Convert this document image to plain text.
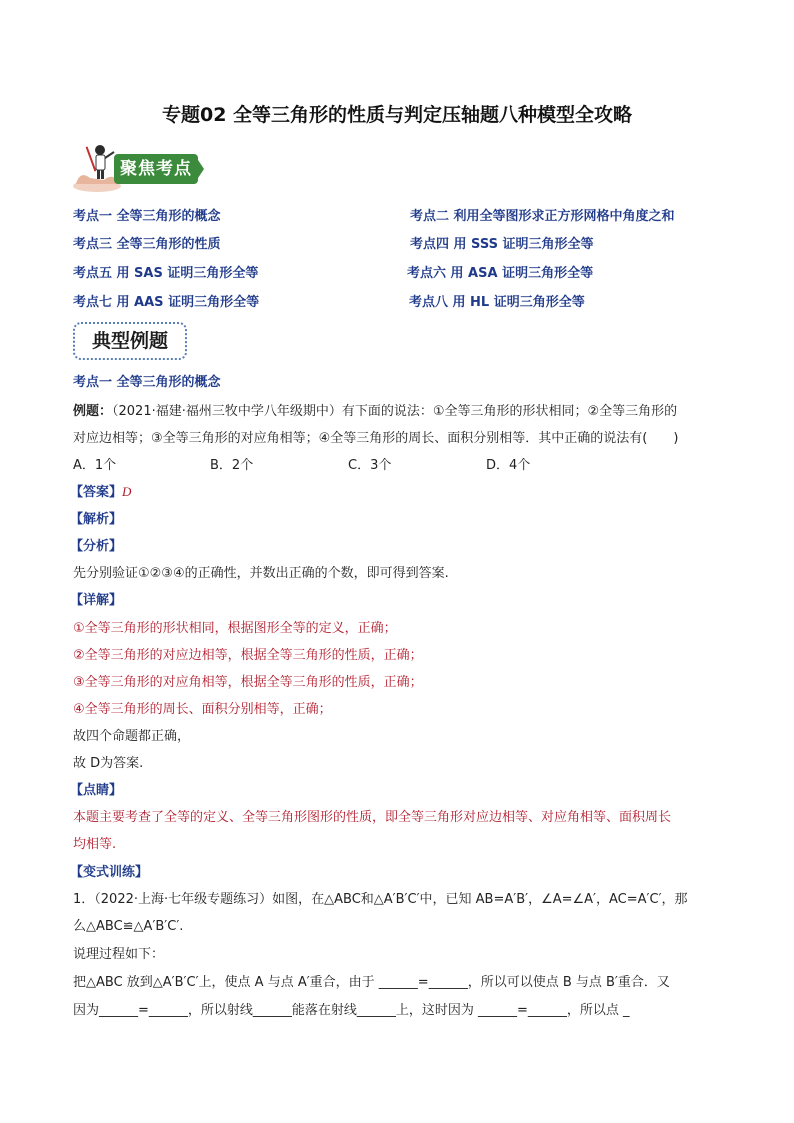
专题02 全等三角形的性质与判定压轴题八种模型全攻略
聚焦考点
考点一 全等三角形的概念	考点二 利用全等图形求正方形网格中角度之和
考点三 全等三角形的性质	考点四 用 SSS 证明三角形全等
考点五 用 SAS 证明三角形全等	考点六 用 ASA 证明三角形全等
考点七 用 AAS 证明三角形全等	考点八 用 HL 证明三角形全等
典型例题
考点一 全等三角形的概念
例题：（2021·福建·福州三牧中学八年级期中）有下面的说法：①全等三角形的形状相同；②全等三角形的
对应边相等；③全等三角形的对应角相等；④全等三角形的周长、面积分别相等．其中正确的说法有(　　)
A．1个	B．2个	C．3个	D．4个
【答案】D
【解析】
【分析】
先分别验证①②③④的正确性，并数出正确的个数，即可得到答案.
【详解】
①全等三角形的形状相同，根据图形全等的定义，正确；
②全等三角形的对应边相等，根据全等三角形的性质，正确；
③全等三角形的对应角相等，根据全等三角形的性质，正确；
④全等三角形的周长、面积分别相等，正确；
故四个命题都正确，
故 D为答案.
【点睛】
本题主要考查了全等的定义、全等三角形图形的性质，即全等三角形对应边相等、对应角相等、面积周长
均相等.
【变式训练】
1．（2022·上海·七年级专题练习）如图，在△ABC和△A′B′C′中，已知 AB=A′B′，∠A=∠A′，AC=A′C′，那
么△ABC≌△A′B′C′.
说理过程如下：
把△ABC 放到△A′B′C′上，使点 A 与点 A′重合，由于 ______=______，所以可以使点 B 与点 B′重合．又
因为______=______，所以射线______能落在射线______上，这时因为 ______=______，所以点 _
